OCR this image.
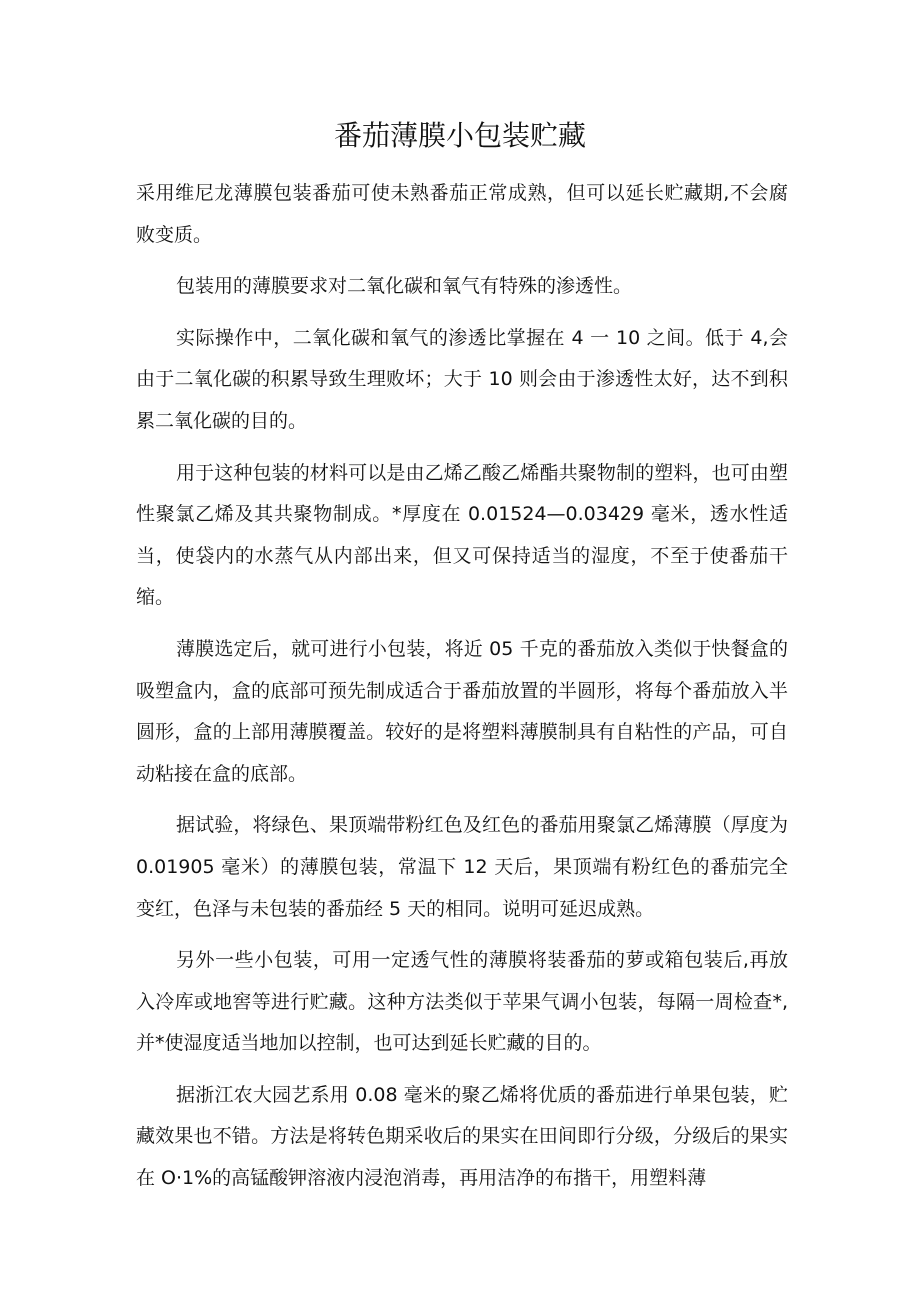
番茄薄膜小包装贮藏

采用维尼龙薄膜包装番茄可使未熟番茄正常成熟，但可以延长贮藏期,不会腐败变质。

包装用的薄膜要求对二氧化碳和氧气有特殊的渗透性。

实际操作中，二氧化碳和氧气的渗透比掌握在 4 一 10 之间。低于 4,会由于二氧化碳的积累导致生理败坏；大于 10 则会由于渗透性太好，达不到积累二氧化碳的目的。

用于这种包装的材料可以是由乙烯乙酸乙烯酯共聚物制的塑料，也可由塑性聚氯乙烯及其共聚物制成。*厚度在 0.01524—0.03429 毫米，透水性适当，使袋内的水蒸气从内部出来，但又可保持适当的湿度，不至于使番茄干缩。

薄膜选定后，就可进行小包装，将近 05 千克的番茄放入类似于快餐盒的吸塑盒内，盒的底部可预先制成适合于番茄放置的半圆形，将每个番茄放入半圆形，盒的上部用薄膜覆盖。较好的是将塑料薄膜制具有自粘性的产品，可自动粘接在盒的底部。

据试验，将绿色、果顶端带粉红色及红色的番茄用聚氯乙烯薄膜（厚度为 0.01905 毫米）的薄膜包装，常温下 12 天后，果顶端有粉红色的番茄完全变红，色泽与未包装的番茄经 5 天的相同。说明可延迟成熟。

另外一些小包装，可用一定透气性的薄膜将装番茄的萝或箱包装后,再放入冷库或地窖等进行贮藏。这种方法类似于苹果气调小包装，每隔一周检查*,并*使湿度适当地加以控制，也可达到延长贮藏的目的。

据浙江农大园艺系用 0.08 毫米的聚乙烯将优质的番茄进行单果包装，贮藏效果也不错。方法是将转色期采收后的果实在田间即行分级，分级后的果实在 O·1%的高锰酸钾溶液内浸泡消毒，再用洁净的布揩干，用塑料薄
